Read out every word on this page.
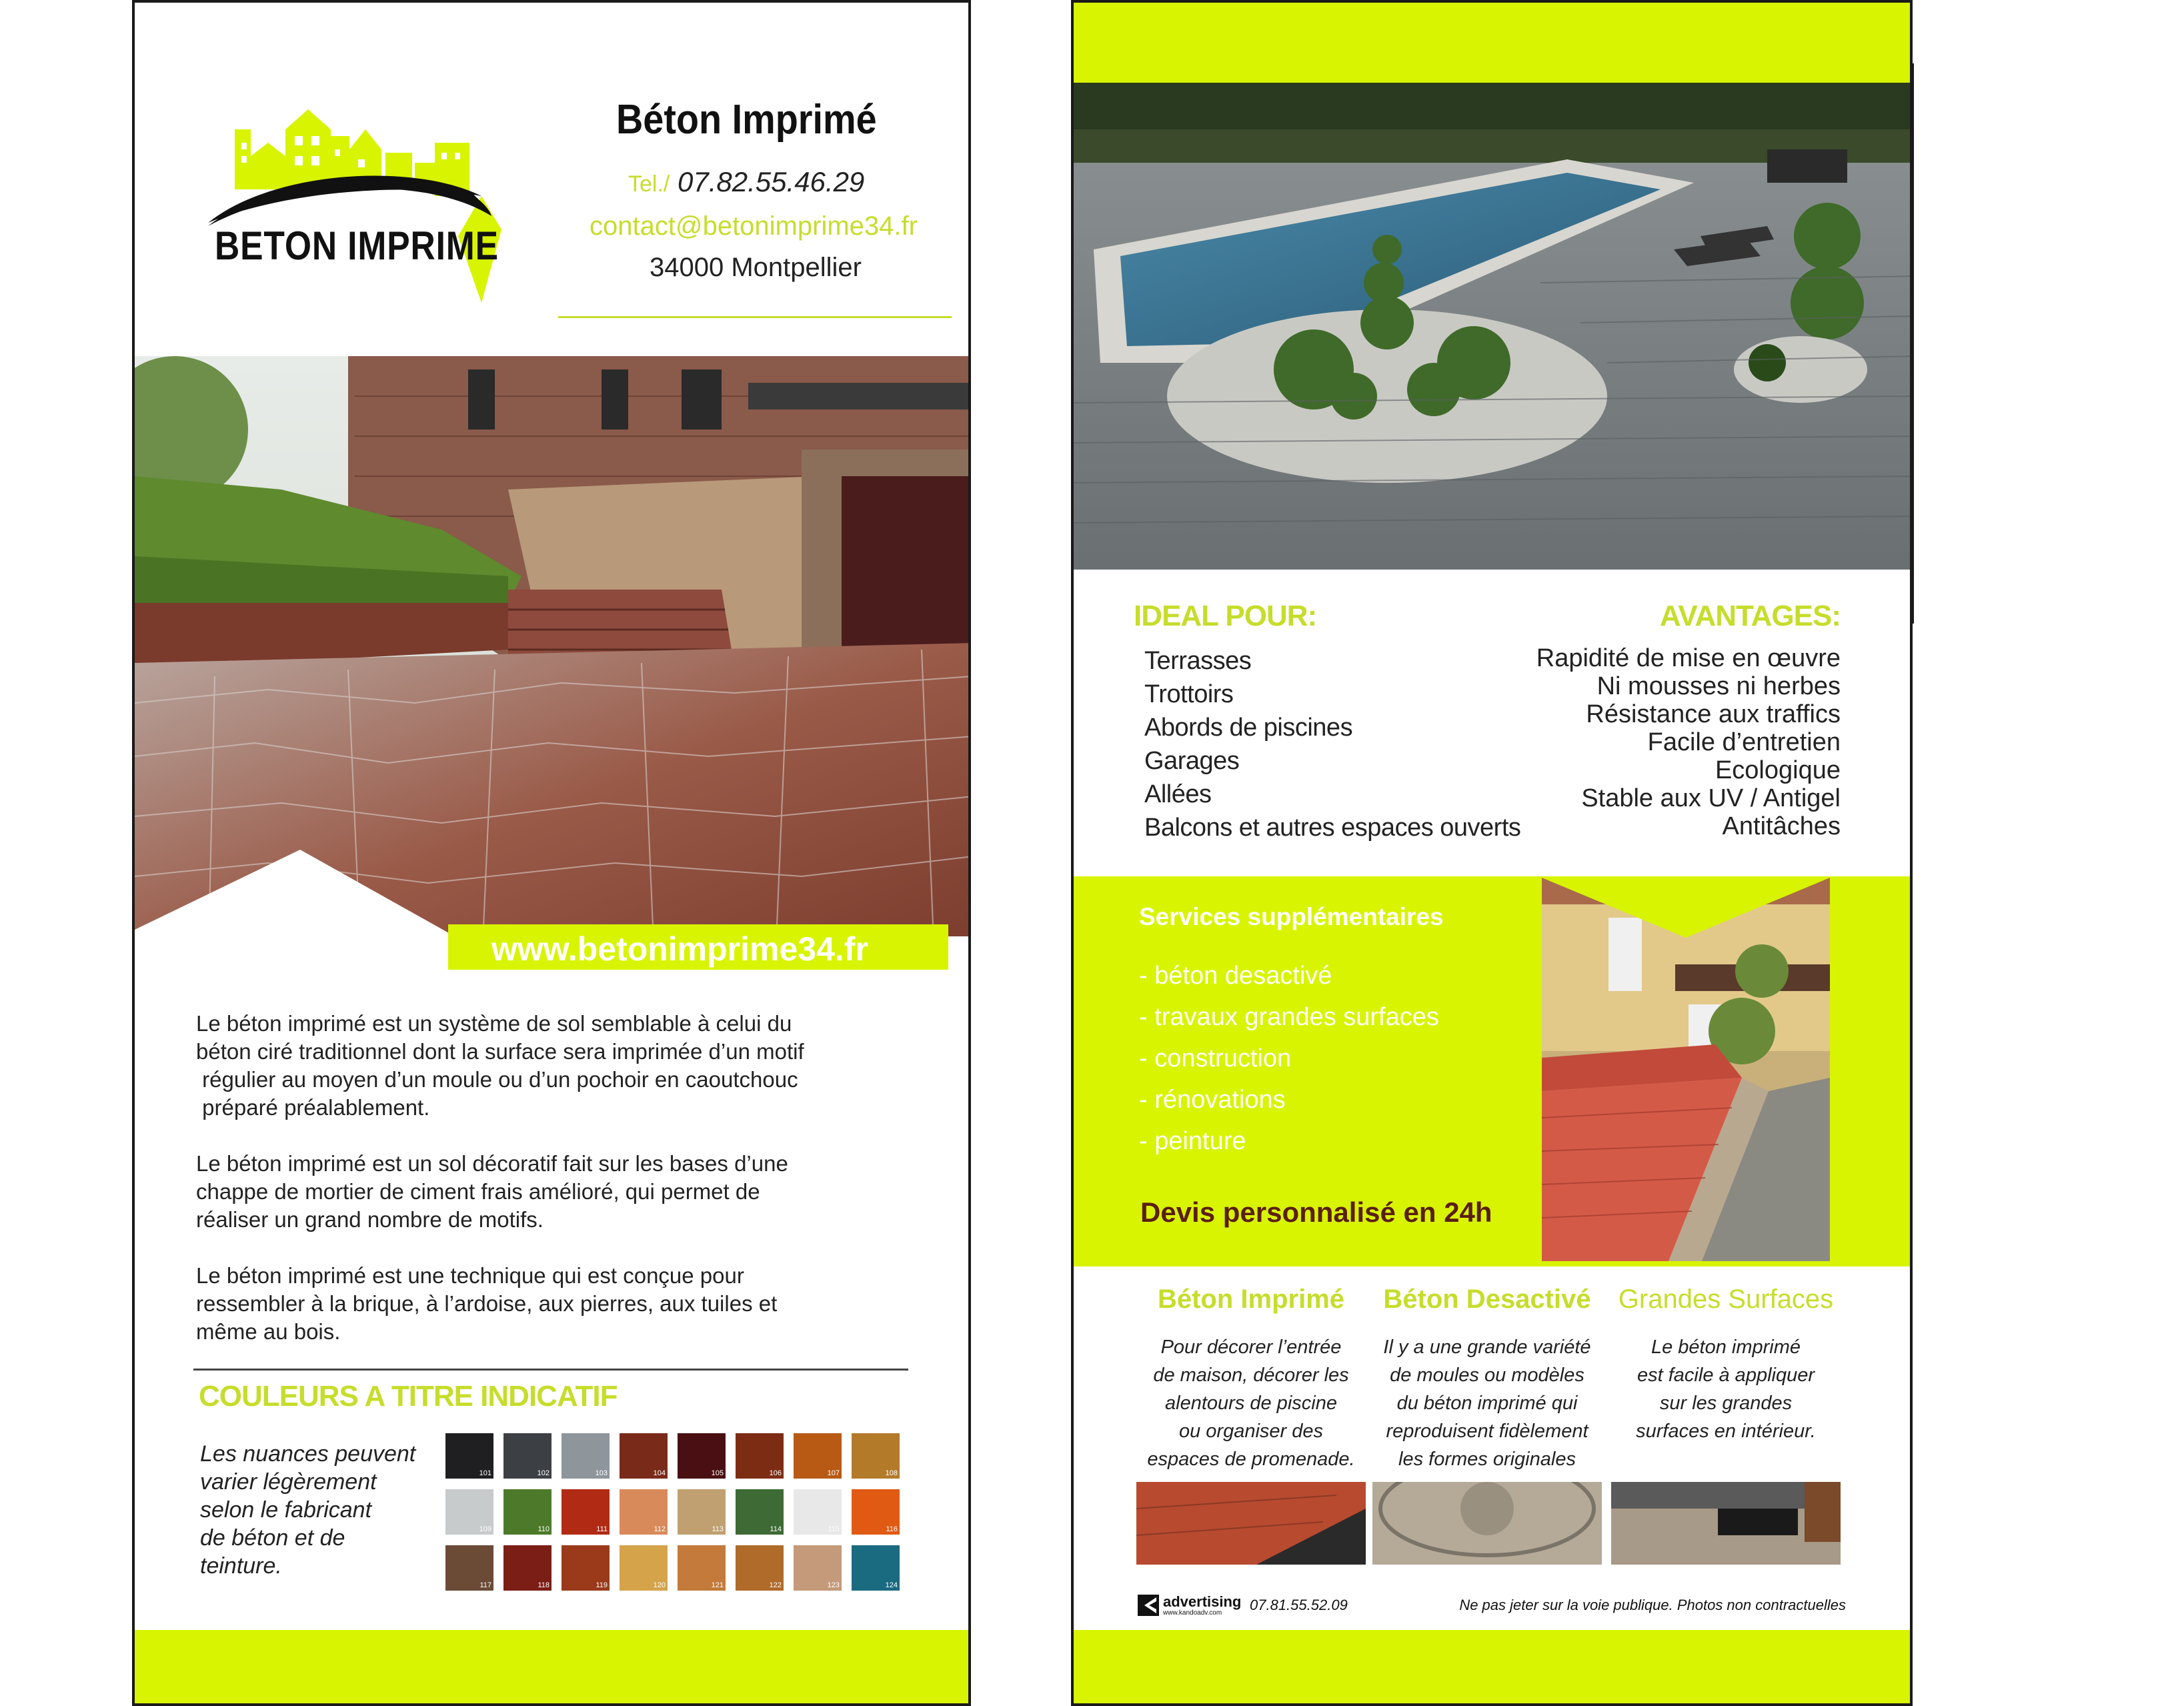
BETON IMPRIME
Béton Imprimé
Tel./ 07.82.55.46.29
contact@betonimprime34.fr
34000 Montpellier
www.betonimprime34.fr
Le béton imprimé est un système de sol semblable à celui du
béton ciré traditionnel dont la surface sera imprimée d’un motif
régulier au moyen d’un moule ou d’un pochoir en caoutchouc
préparé préalablement.
Le béton imprimé est un sol décoratif fait sur les bases d’une
chappe de mortier de ciment frais amélioré, qui permet de
réaliser un grand nombre de motifs.
Le béton imprimé est une technique qui est conçue pour
ressembler à la brique, à l’ardoise, aux pierres, aux tuiles et
même au bois.
COULEURS A TITRE INDICATIF
Les nuances peuvent
varier légèrement
selon le fabricant
de béton et de
teinture.
101	102	103	104	105	106	107	108
109	110	111	112	113	114	115	116
117	118	119	120	121	122	123	124
IDEAL POUR:
Terrasses
Trottoirs
Abords de piscines
Garages
Allées
Balcons et autres espaces ouverts
AVANTAGES:
Rapidité de mise en œuvre
Ni mousses ni herbes
Résistance aux traffics
Facile d’entretien
Ecologique
Stable aux UV / Antigel
Antitâches
Services supplémentaires
- béton desactivé
- travaux grandes surfaces
- construction
- rénovations
- peinture
Devis personnalisé en 24h
Béton Imprimé
Pour décorer l’entrée
de maison, décorer les
alentours de piscine
ou organiser des
espaces de promenade.
Béton Desactivé
Il y a une grande variété
de moules ou modèles
du béton imprimé qui
reproduisent fidèlement
les formes originales
Grandes Surfaces
Le béton imprimé
est facile à appliquer
sur les grandes
surfaces en intérieur.
advertising
www.kandoadv.com 07.81.55.52.09	Ne pas jeter sur la voie publique. Photos non contractuelles
